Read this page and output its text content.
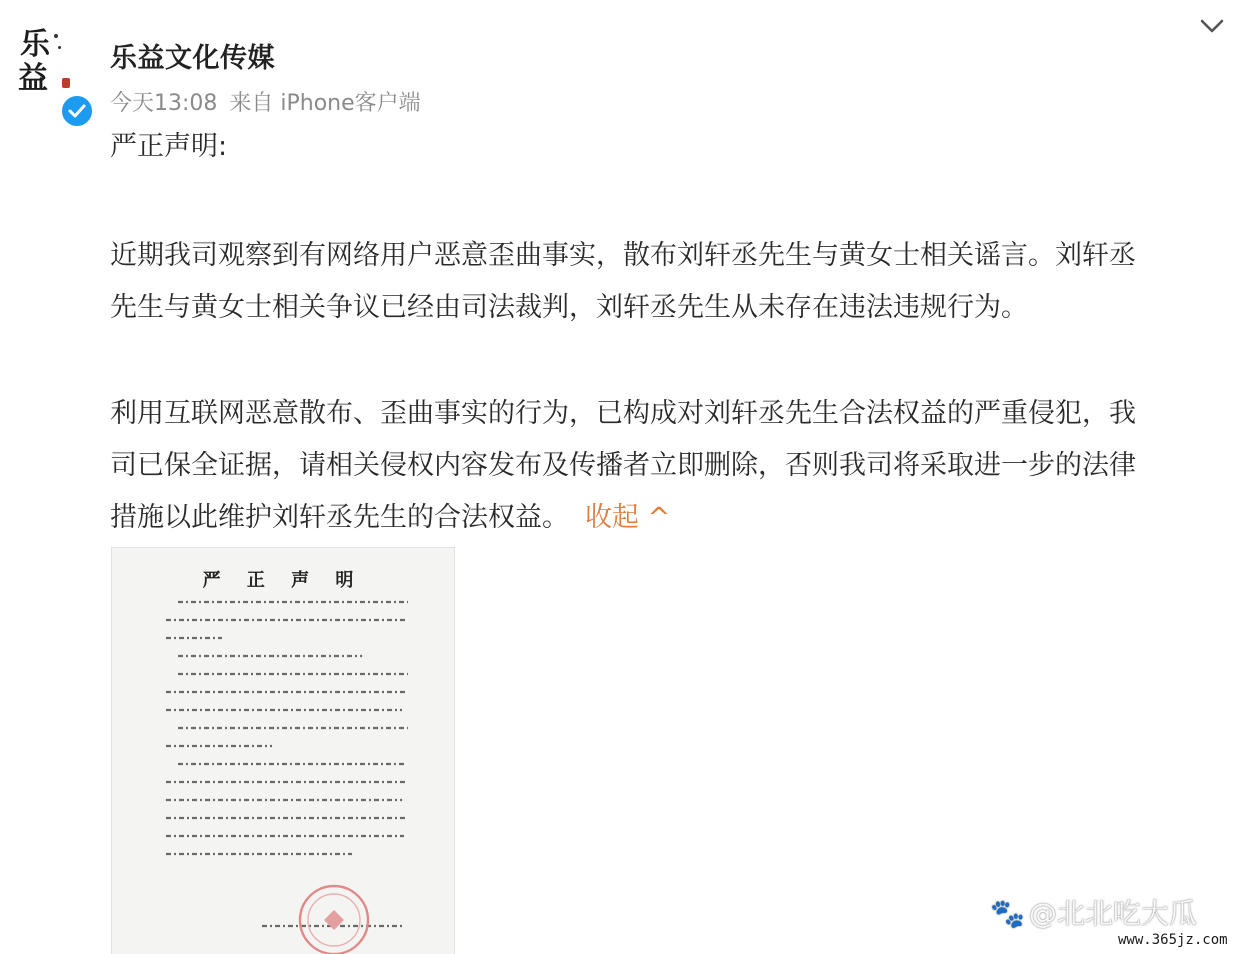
乐
益
乐益文化传媒
今天13:08 来自 iPhone客户端

严正声明:

近期我司观察到有网络用户恶意歪曲事实，散布刘轩丞先生与黄女士相关谣言。刘轩丞
先生与黄女士相关争议已经由司法裁判，刘轩丞先生从未存在违法违规行为。

利用互联网恶意散布、歪曲事实的行为，已构成对刘轩丞先生合法权益的严重侵犯，我
司已保全证据，请相关侵权内容发布及传播者立即删除，否则我司将采取进一步的法律
措施以此维护刘轩丞先生的合法权益。 收起 ^

严 正 声 明
🐾 @北北吃大瓜
www.365jz.com
